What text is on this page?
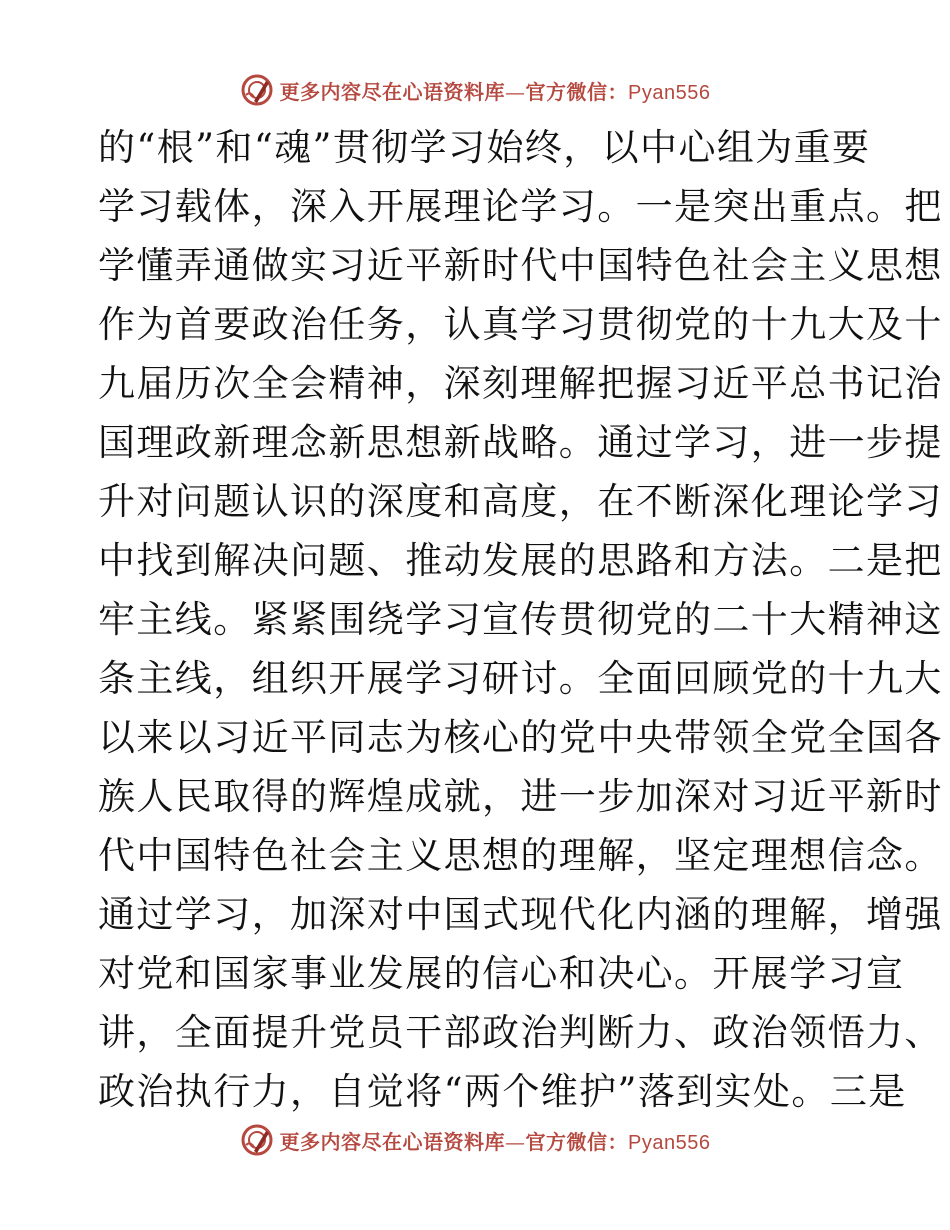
更多内容尽在心语资料库—官方微信：Pyan556
的“根”和“魂”贯彻学习始终，以中心组为重要
学习载体，深入开展理论学习。一是突出重点。把
学懂弄通做实习近平新时代中国特色社会主义思想
作为首要政治任务，认真学习贯彻党的十九大及十
九届历次全会精神，深刻理解把握习近平总书记治
国理政新理念新思想新战略。通过学习，进一步提
升对问题认识的深度和高度，在不断深化理论学习
中找到解决问题、推动发展的思路和方法。二是把
牢主线。紧紧围绕学习宣传贯彻党的二十大精神这
条主线，组织开展学习研讨。全面回顾党的十九大
以来以习近平同志为核心的党中央带领全党全国各
族人民取得的辉煌成就，进一步加深对习近平新时
代中国特色社会主义思想的理解，坚定理想信念。
通过学习，加深对中国式现代化内涵的理解，增强
对党和国家事业发展的信心和决心。开展学习宣
讲，全面提升党员干部政治判断力、政治领悟力、
政治执行力，自觉将“两个维护”落到实处。三是
更多内容尽在心语资料库—官方微信：Pyan556
